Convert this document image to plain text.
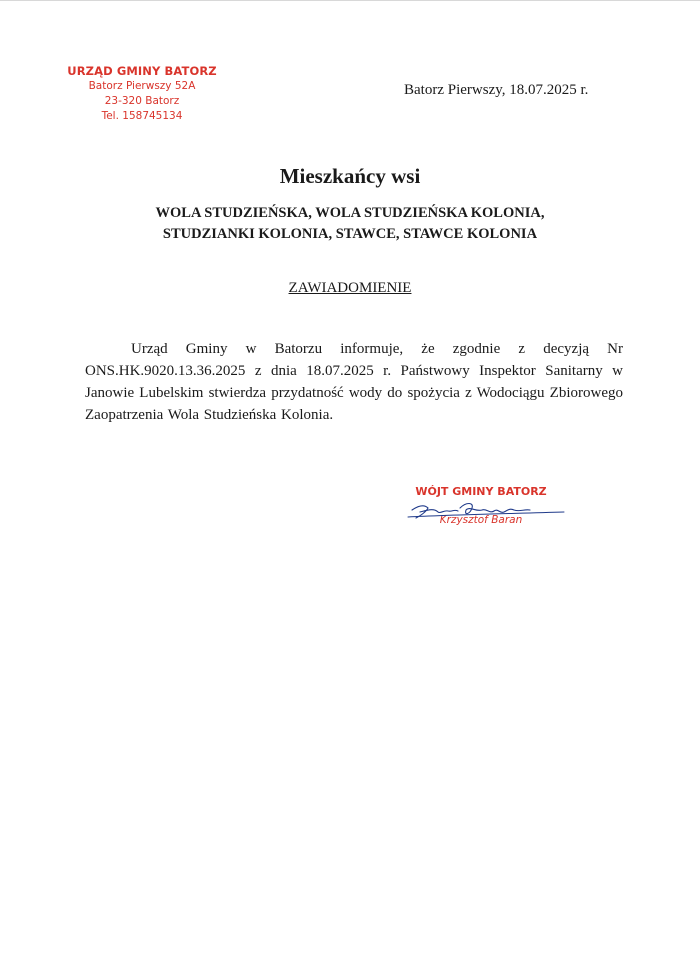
URZĄD GMINY BATORZ
Batorz Pierwszy 52A
23-320 Batorz
Tel. 158745134
Batorz Pierwszy, 18.07.2025 r.
Mieszkańcy wsi
WOLA STUDZIEŃSKA, WOLA STUDZIEŃSKA KOLONIA,
STUDZIANKI KOLONIA, STAWCE, STAWCE KOLONIA
ZAWIADOMIENIE

Urząd Gminy w Batorzu informuje, że zgodnie z decyzją Nr ONS.HK.9020.13.36.2025 z dnia 18.07.2025 r. Państwowy Inspektor Sanitarny w Janowie Lubelskim stwierdza przydatność wody do spożycia z Wodociągu Zbiorowego Zaopatrzenia Wola Studzieńska Kolonia.

WÓJT GMINY BATORZ
Krzysztof Baran
